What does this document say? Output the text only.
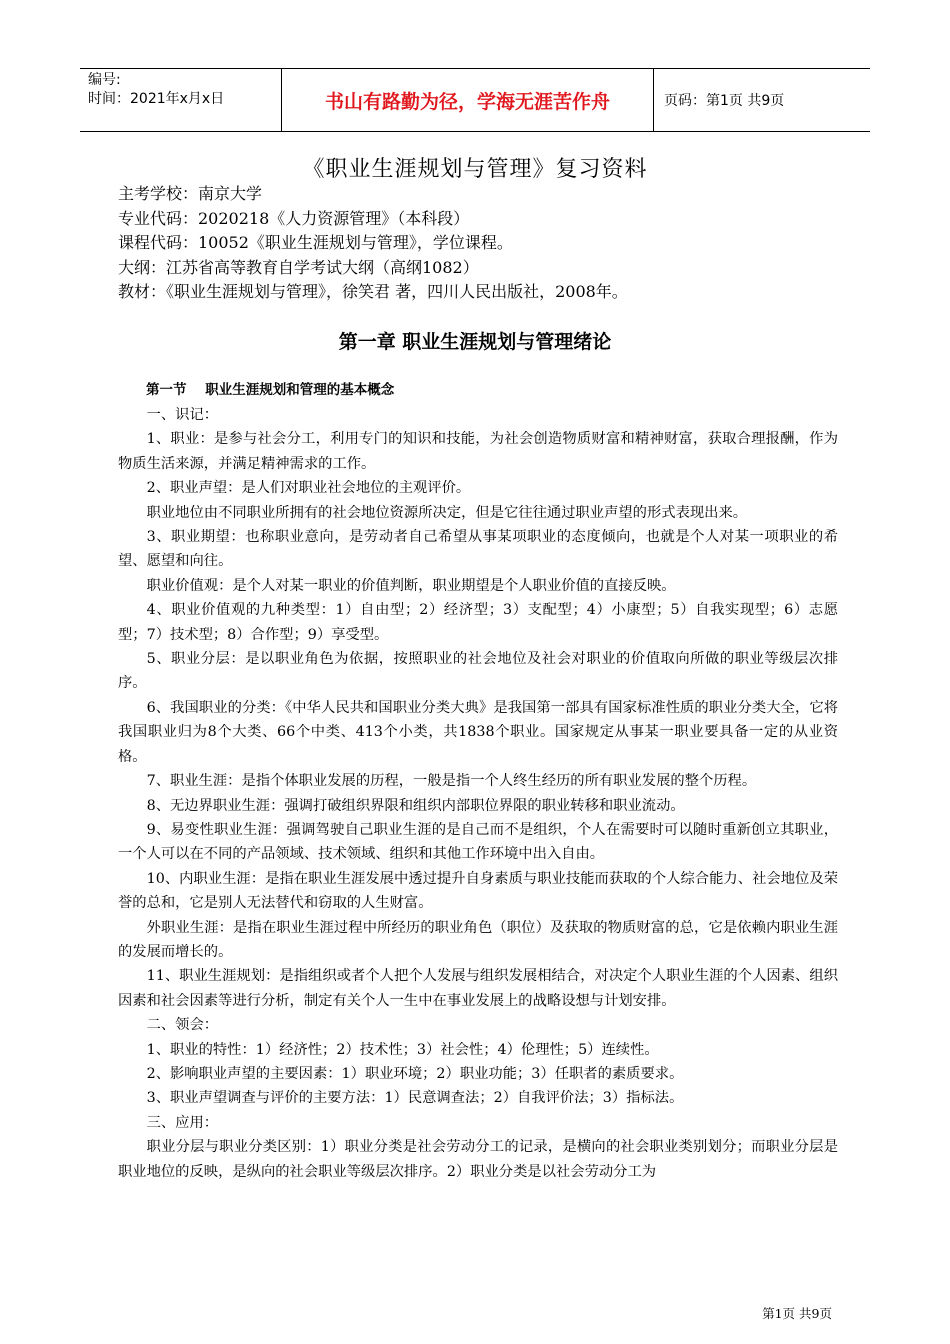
编号:
时间：2021年x月x日	书山有路勤为径，学海无涯苦作舟	页码：第1页 共9页
《职业生涯规划与管理》复习资料
主考学校：南京大学
专业代码：2020218《人力资源管理》（本科段）
课程代码：10052《职业生涯规划与管理》，学位课程。
大纲：江苏省高等教育自学考试大纲（高纲1082）
教材：《职业生涯规划与管理》，徐笑君 著，四川人民出版社，2008年。
第一章 职业生涯规划与管理绪论
第一节    职业生涯规划和管理的基本概念

一、识记：

1、职业：是参与社会分工，利用专门的知识和技能，为社会创造物质财富和精神财富，获取合理报酬，作为物质生活来源，并满足精神需求的工作。

2、职业声望：是人们对职业社会地位的主观评价。

职业地位由不同职业所拥有的社会地位资源所决定，但是它往往通过职业声望的形式表现出来。

3、职业期望：也称职业意向，是劳动者自己希望从事某项职业的态度倾向，也就是个人对某一项职业的希望、愿望和向往。

职业价值观：是个人对某一职业的价值判断，职业期望是个人职业价值的直接反映。

4、职业价值观的九种类型：1）自由型；2）经济型；3）支配型；4）小康型；5）自我实现型；6）志愿型；7）技术型；8）合作型；9）享受型。

5、职业分层：是以职业角色为依据，按照职业的社会地位及社会对职业的价值取向所做的职业等级层次排序。

6、我国职业的分类：《中华人民共和国职业分类大典》是我国第一部具有国家标准性质的职业分类大全，它将我国职业归为8个大类、66个中类、413个小类，共1838个职业。国家规定从事某一职业要具备一定的从业资格。

7、职业生涯：是指个体职业发展的历程，一般是指一个人终生经历的所有职业发展的整个历程。

8、无边界职业生涯：强调打破组织界限和组织内部职位界限的职业转移和职业流动。

9、易变性职业生涯：强调驾驶自己职业生涯的是自己而不是组织，个人在需要时可以随时重新创立其职业，一个人可以在不同的产品领域、技术领域、组织和其他工作环境中出入自由。

10、内职业生涯：是指在职业生涯发展中透过提升自身素质与职业技能而获取的个人综合能力、社会地位及荣誉的总和，它是别人无法替代和窃取的人生财富。

外职业生涯：是指在职业生涯过程中所经历的职业角色（职位）及获取的物质财富的总，它是依赖内职业生涯的发展而增长的。

11、职业生涯规划：是指组织或者个人把个人发展与组织发展相结合，对决定个人职业生涯的个人因素、组织因素和社会因素等进行分析，制定有关个人一生中在事业发展上的战略设想与计划安排。

二、领会：

1、职业的特性：1）经济性；2）技术性；3）社会性；4）伦理性；5）连续性。

2、影响职业声望的主要因素：1）职业环境；2）职业功能；3）任职者的素质要求。

3、职业声望调查与评价的主要方法：1）民意调查法；2）自我评价法；3）指标法。

三、应用：

职业分层与职业分类区别：1）职业分类是社会劳动分工的记录，是横向的社会职业类别划分；而职业分层是职业地位的反映，是纵向的社会职业等级层次排序。2）职业分类是以社会劳动分工为

第1页 共9页
